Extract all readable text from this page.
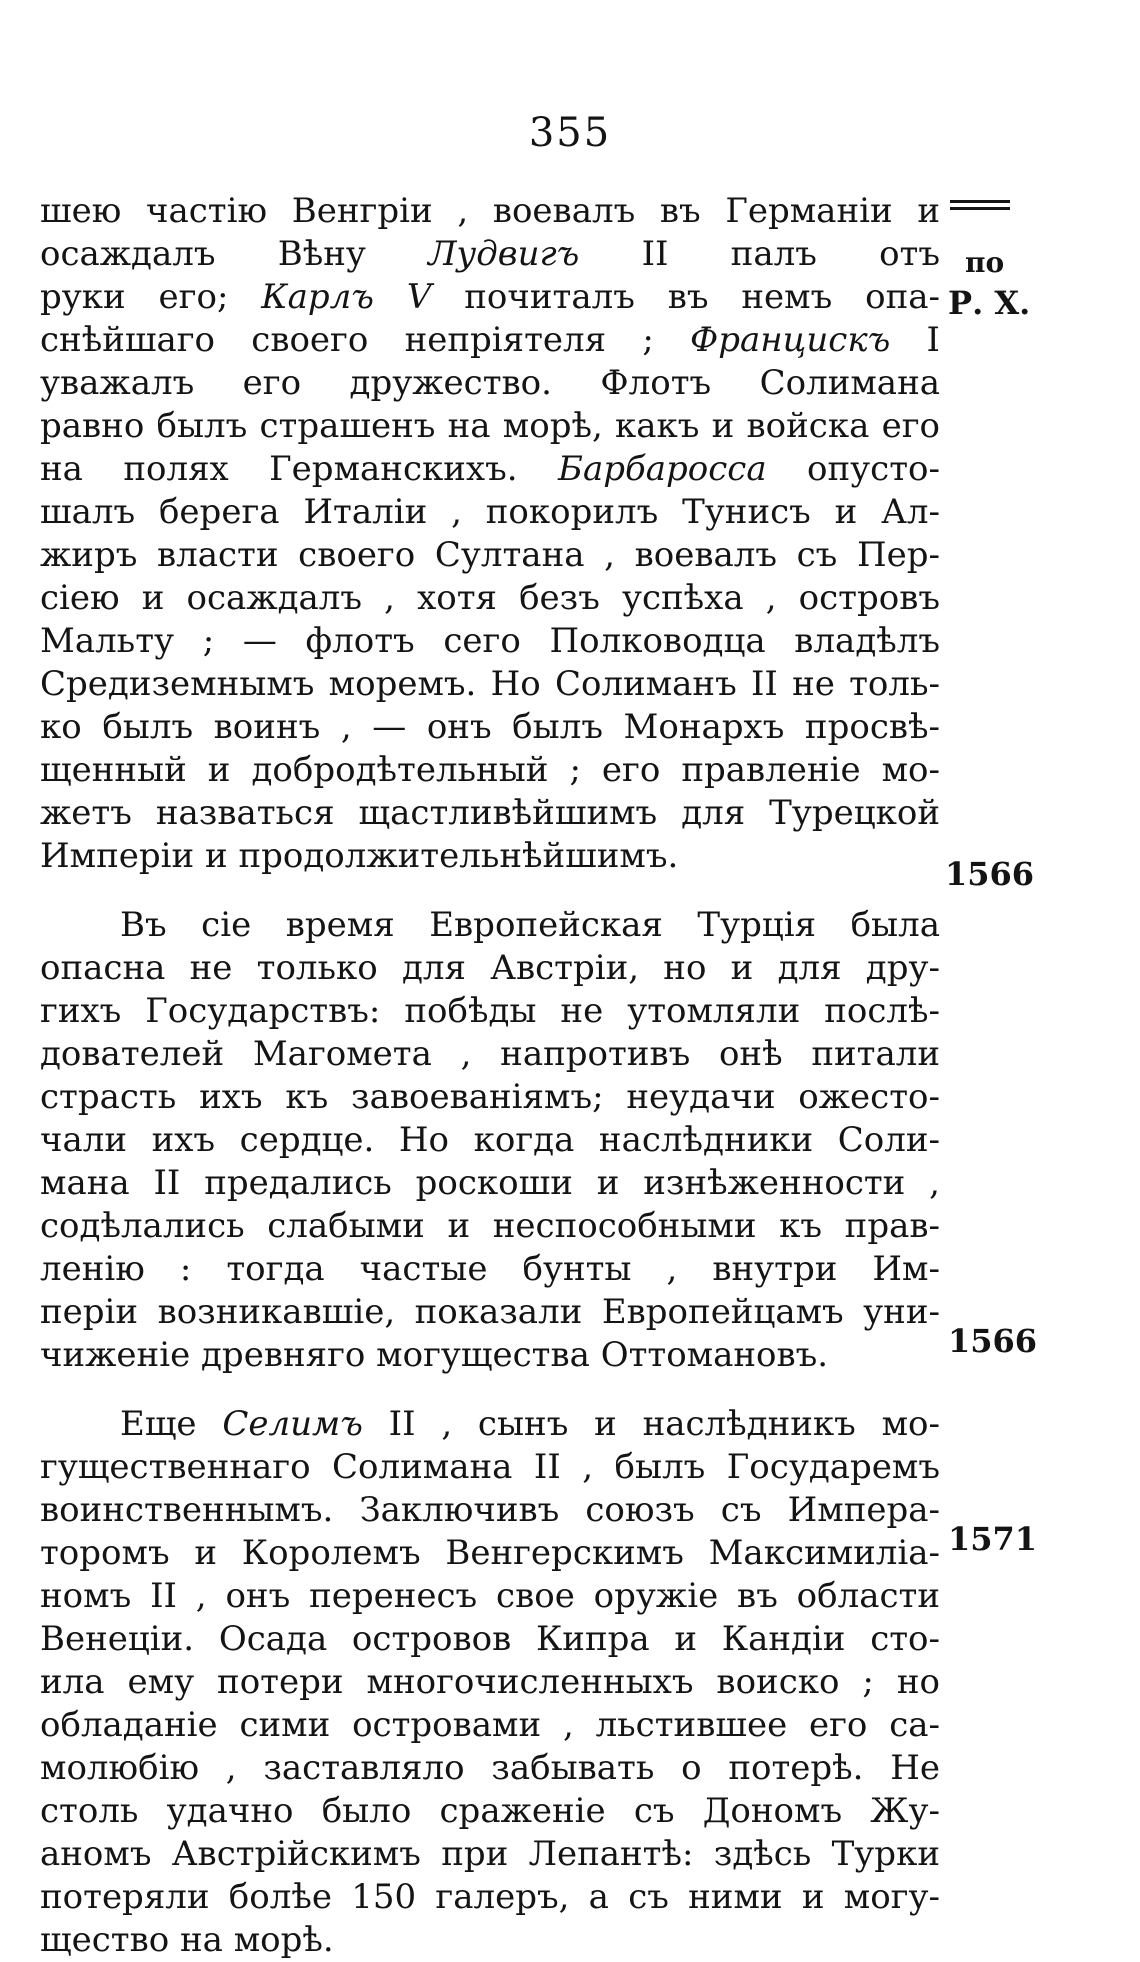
355
по
Р. Х.
1566
1566
1571
шею частію Венгріи , воевалъ въ Германіи и
осаждалъ Вѣну Лудвигъ II палъ отъ
руки его; Карлъ V почиталъ въ немъ опа-
снѣйшаго своего непріятеля ; Францискъ I
уважалъ его дружество. Флотъ Солимана
равно былъ страшенъ на морѣ, какъ и войска его
на полях Германскихъ. Барбаросса опусто-
шалъ берега Италіи , покорилъ Тунисъ и Ал-
жиръ власти своего Султана , воевалъ съ Пер-
сіею и осаждалъ , хотя безъ успѣха , островъ
Мальту ; — флотъ сего Полководца владѣлъ
Средиземнымъ моремъ. Но Солиманъ II не толь-
ко былъ воинъ , — онъ былъ Монархъ просвѣ-
щенный и добродѣтельный ; его правленіе мо-
жетъ назваться щастливѣйшимъ для Турецкой
Имперіи и продолжительнѣйшимъ.
Въ сіе время Европейская Турція была
опасна не только для Австріи, но и для дру-
гихъ Государствъ: побѣды не утомляли послѣ-
дователей Магомета , напротивъ онѣ питали
страсть ихъ къ завоеваніямъ; неудачи ожесто-
чали ихъ сердце. Но когда наслѣдники Соли-
мана II предались роскоши и изнѣженности ,
содѣлались слабыми и неспособными къ прав-
ленію : тогда частые бунты , внутри Им-
періи возникавшіе, показали Европейцамъ уни-
чиженіе древняго могущества Оттомановъ.
Еще Селимъ II , сынъ и наслѣдникъ мо-
гущественнаго Солимана II , былъ Государемъ
воинственнымъ. Заключивъ союзъ съ Импера-
торомъ и Королемъ Венгерскимъ Максимиліа-
номъ II , онъ перенесъ свое оружіе въ области
Венеціи. Осада островов Кипра и Кандіи сто-
ила ему потери многочисленныхъ воиско ; но
обладаніе сими островами , льстившее его са-
молюбію , заставляло забывать о потерѣ. Не
столь удачно было сраженіе съ Дономъ Жу-
аномъ Австрійскимъ при Лепантѣ: здѣсь Турки
потеряли болѣе 150 галеръ, а съ ними и могу-
щество на морѣ.
